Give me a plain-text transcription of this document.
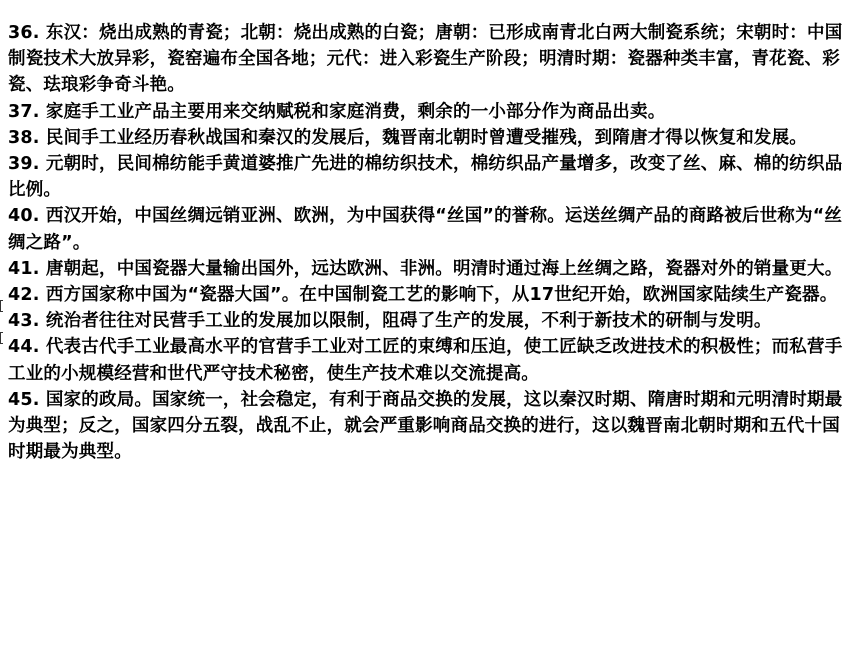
36. 东汉：烧出成熟的青瓷；北朝：烧出成熟的白瓷；唐朝：已形成南青北白两大制瓷系统；宋朝时：中国制瓷技术大放异彩，瓷窑遍布全国各地；元代：进入彩瓷生产阶段；明清时期：瓷器种类丰富，青花瓷、彩瓷、珐琅彩争奇斗艳。

37. 家庭手工业产品主要用来交纳赋税和家庭消费，剩余的一小部分作为商品出卖。

38. 民间手工业经历春秋战国和秦汉的发展后，魏晋南北朝时曾遭受摧残，到隋唐才得以恢复和发展。

39. 元朝时，民间棉纺能手黄道婆推广先进的棉纺织技术，棉纺织品产量增多，改变了丝、麻、棉的纺织品比例。

40. 西汉开始，中国丝绸远销亚洲、欧洲，为中国获得“丝国”的誉称。运送丝绸产品的商路被后世称为“丝绸之路”。

41. 唐朝起，中国瓷器大量输出国外，远达欧洲、非洲。明清时通过海上丝绸之路，瓷器对外的销量更大。

42. 西方国家称中国为“瓷器大国”。在中国制瓷工艺的影响下，从17世纪开始，欧洲国家陆续生产瓷器。

43. 统治者往往对民营手工业的发展加以限制，阻碍了生产的发展，不利于新技术的研制与发明。

44. 代表古代手工业最高水平的官营手工业对工匠的束缚和压迫，使工匠缺乏改进技术的积极性；而私营手工业的小规模经营和世代严守技术秘密，使生产技术难以交流提高。

45. 国家的政局。国家统一，社会稳定，有利于商品交换的发展，这以秦汉时期、隋唐时期和元明清时期最为典型；反之，国家四分五裂，战乱不止，就会严重影响商品交换的进行，这以魏晋南北朝时期和五代十国时期最为典型。
